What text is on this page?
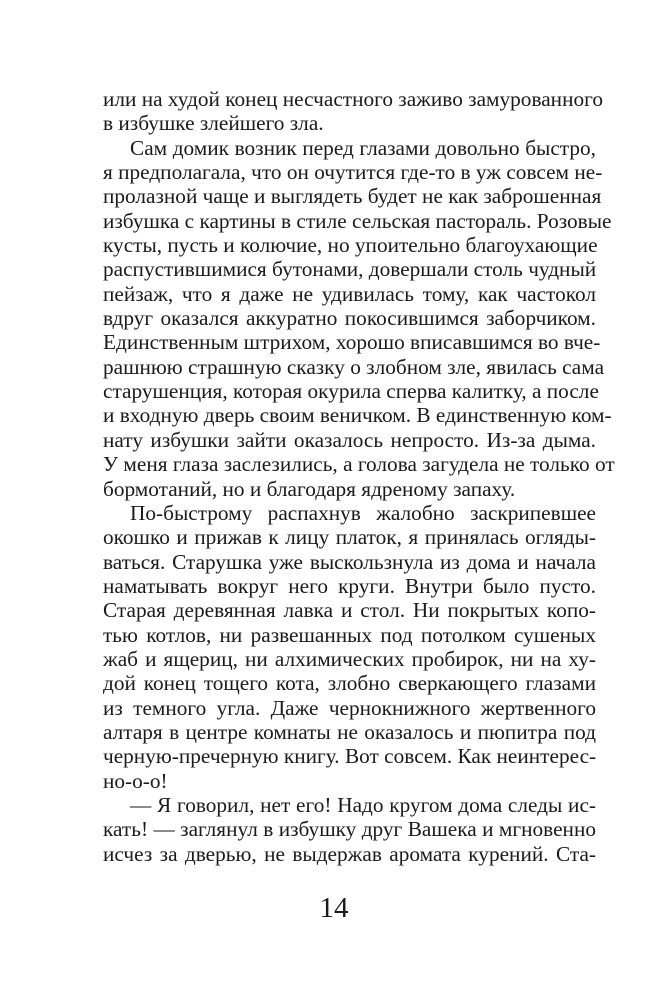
или на худой конец несчастного заживо замурованного
в избушке злейшего зла.
Сам домик возник перед глазами довольно быстро,
я предполагала, что он очутится где-то в уж совсем не-
пролазной чаще и выглядеть будет не как заброшенная
избушка с картины в стиле сельская пастораль. Розовые
кусты, пусть и колючие, но упоительно благоухающие
распустившимися бутонами, довершали столь чудный
пейзаж, что я даже не удивилась тому, как частокол
вдруг оказался аккуратно покосившимся заборчиком.
Единственным штрихом, хорошо вписавшимся во вче-
рашнюю страшную сказку о злобном зле, явилась сама
старушенция, которая окурила сперва калитку, а после
и входную дверь своим веничком. В единственную ком-
нату избушки зайти оказалось непросто. Из-за дыма.
У меня глаза заслезились, а голова загудела не только от
бормотаний, но и благодаря ядреному запаху.
По-быстрому распахнув жалобно заскрипевшее
окошко и прижав к лицу платок, я принялась огляды-
ваться. Старушка уже выскользнула из дома и начала
наматывать вокруг него круги. Внутри было пусто.
Старая деревянная лавка и стол. Ни покрытых копо-
тью котлов, ни развешанных под потолком сушеных
жаб и ящериц, ни алхимических пробирок, ни на ху-
дой конец тощего кота, злобно сверкающего глазами
из темного угла. Даже чернокнижного жертвенного
алтаря в центре комнаты не оказалось и пюпитра под
черную-пречерную книгу. Вот совсем. Как неинтерес-
но-о-о!
— Я говорил, нет его! Надо кругом дома следы ис-
кать! — заглянул в избушку друг Вашека и мгновенно
исчез за дверью, не выдержав аромата курений. Ста-
14
